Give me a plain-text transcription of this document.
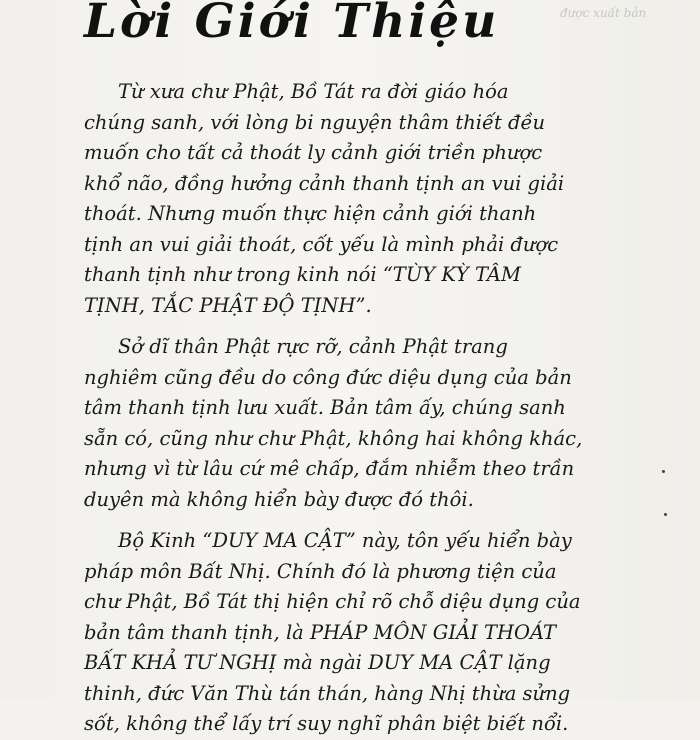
được xuất bản
Lời Giới Thiệu
Từ xưa chư Phật, Bồ Tát ra đời giáo hóa
chúng sanh, với lòng bi nguyện thâm thiết đều
muốn cho tất cả thoát ly cảnh giới triền phược
khổ não, đồng hưởng cảnh thanh tịnh an vui giải
thoát. Nhưng muốn thực hiện cảnh giới thanh
tịnh an vui giải thoát, cốt yếu là mình phải được
thanh tịnh như trong kinh nói “TÙY KỲ TÂM
TỊNH, TẮC PHẬT ĐỘ TỊNH”.
Sở dĩ thân Phật rực rỡ, cảnh Phật trang
nghiêm cũng đều do công đức diệu dụng của bản
tâm thanh tịnh lưu xuất. Bản tâm ấy, chúng sanh
sẵn có, cũng như chư Phật, không hai không khác,
nhưng vì từ lâu cứ mê chấp, đắm nhiễm theo trần
duyên mà không hiển bày được đó thôi.
Bộ Kinh “DUY MA CẬT” này, tôn yếu hiển bày
pháp môn Bất Nhị. Chính đó là phương tiện của
chư Phật, Bồ Tát thị hiện chỉ rõ chỗ diệu dụng của
bản tâm thanh tịnh, là PHÁP MÔN GIẢI THOÁT
BẤT KHẢ TƯ NGHỊ mà ngài DUY MA CẬT lặng
thinh, đức Văn Thù tán thán, hàng Nhị thừa sửng
sốt, không thể lấy trí suy nghĩ phân biệt biết nổi.
